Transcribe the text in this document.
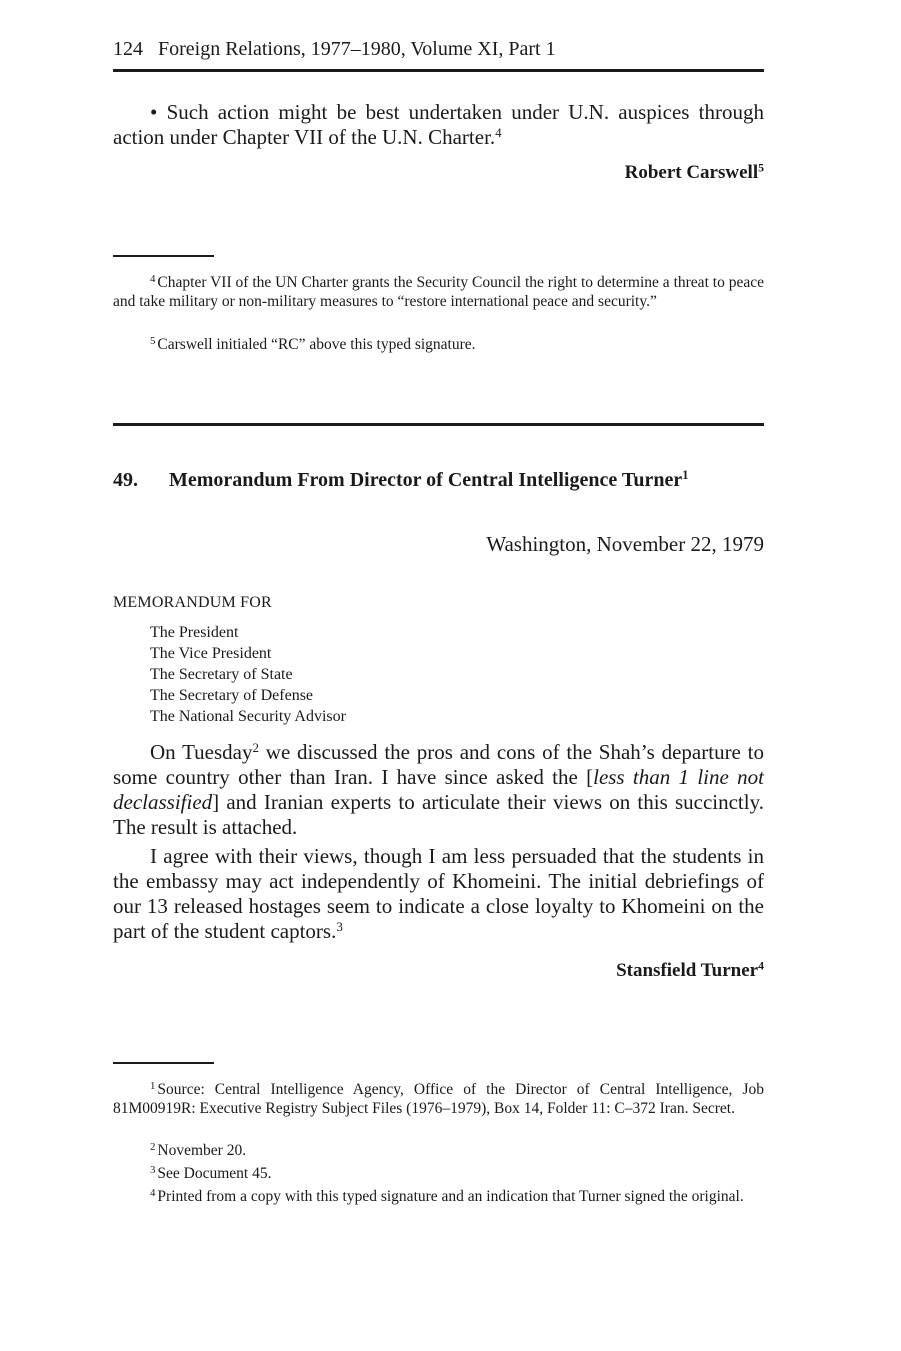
124 Foreign Relations, 1977–1980, Volume XI, Part 1
• Such action might be best undertaken under U.N. auspices through action under Chapter VII of the U.N. Charter.$^4$
Robert Carswell$^5$
$^4$ Chapter VII of the UN Charter grants the Security Council the right to determine a threat to peace and take military or non-military measures to “restore international peace and security.”
$^5$ Carswell initialed “RC” above this typed signature.
49. Memorandum From Director of Central Intelligence Turner$^1$
Washington, November 22, 1979
MEMORANDUM FOR
The President
The Vice President
The Secretary of State
The Secretary of Defense
The National Security Advisor
On Tuesday$^2$ we discussed the pros and cons of the Shah’s departure to some country other than Iran. I have since asked the [less than 1 line not declassified] and Iranian experts to articulate their views on this succinctly. The result is attached.
I agree with their views, though I am less persuaded that the students in the embassy may act independently of Khomeini. The initial debriefings of our 13 released hostages seem to indicate a close loyalty to Khomeini on the part of the student captors.$^3$
Stansfield Turner$^4$
$^1$ Source: Central Intelligence Agency, Office of the Director of Central Intelligence, Job 81M00919R: Executive Registry Subject Files (1976–1979), Box 14, Folder 11: C–372 Iran. Secret.
$^2$ November 20.
$^3$ See Document 45.
$^4$ Printed from a copy with this typed signature and an indication that Turner signed the original.
